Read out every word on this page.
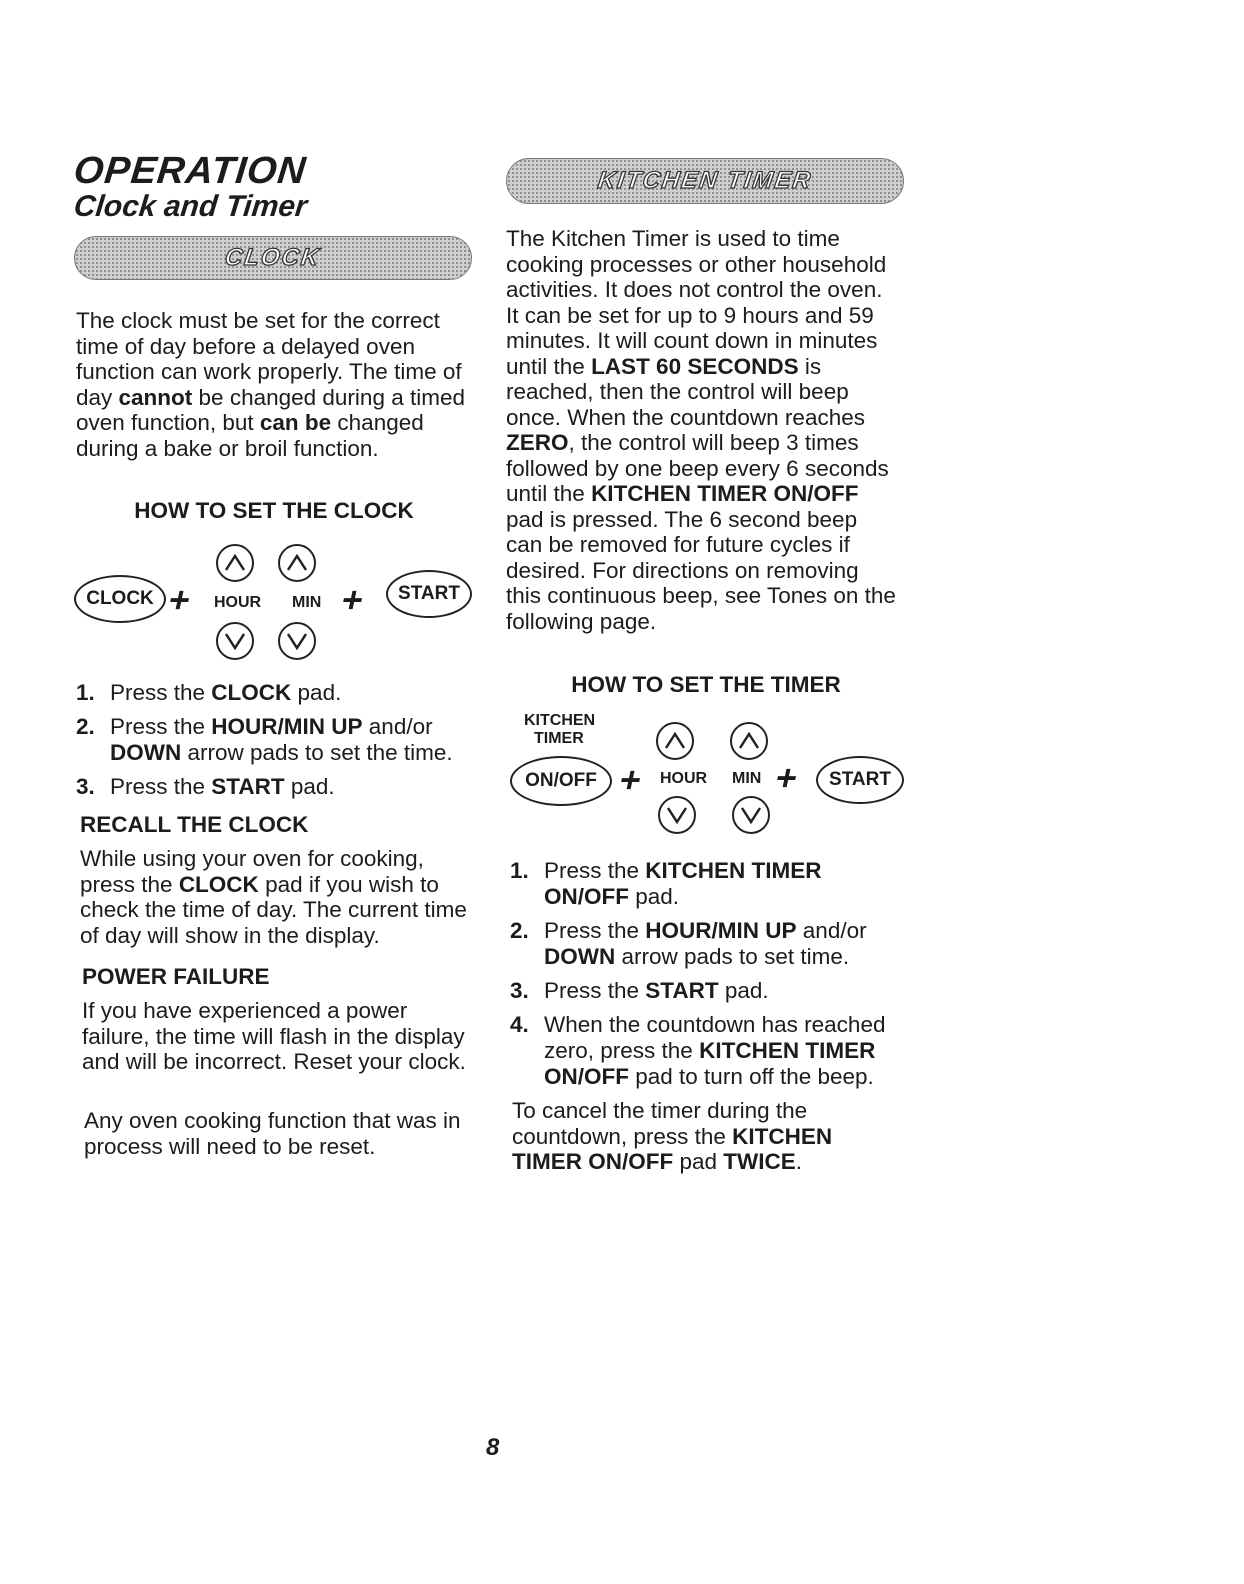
OPERATION
Clock and Timer
CLOCK
The clock must be set for the correct time of day before a delayed oven function can work properly. The time of day cannot be changed during a timed oven function, but can be changed during a bake or broil function.
HOW TO SET THE CLOCK
CLOCK + HOUR MIN + START
1. Press the CLOCK pad.
2. Press the HOUR/MIN UP and/or DOWN arrow pads to set the time.
3. Press the START pad.
RECALL THE CLOCK
While using your oven for cooking, press the CLOCK pad if you wish to check the time of day. The current time of day will show in the display.
POWER FAILURE
If you have experienced a power failure, the time will flash in the display and will be incorrect. Reset your clock.
Any oven cooking function that was in process will need to be reset.
KITCHEN TIMER
The Kitchen Timer is used to time cooking processes or other household activities. It does not control the oven. It can be set for up to 9 hours and 59 minutes. It will count down in minutes until the LAST 60 SECONDS is reached, then the control will beep once. When the countdown reaches ZERO, the control will beep 3 times followed by one beep every 6 seconds until the KITCHEN TIMER ON/OFF pad is pressed. The 6 second beep can be removed for future cycles if desired. For directions on removing this continuous beep, see Tones on the following page.
HOW TO SET THE TIMER
KITCHEN
TIMER
ON/OFF + HOUR MIN + START
1. Press the KITCHEN TIMER ON/OFF pad.
2. Press the HOUR/MIN UP and/or DOWN arrow pads to set time.
3. Press the START pad.
4. When the countdown has reached zero, press the KITCHEN TIMER ON/OFF pad to turn off the beep.
To cancel the timer during the countdown, press the KITCHEN TIMER ON/OFF pad TWICE.
8
